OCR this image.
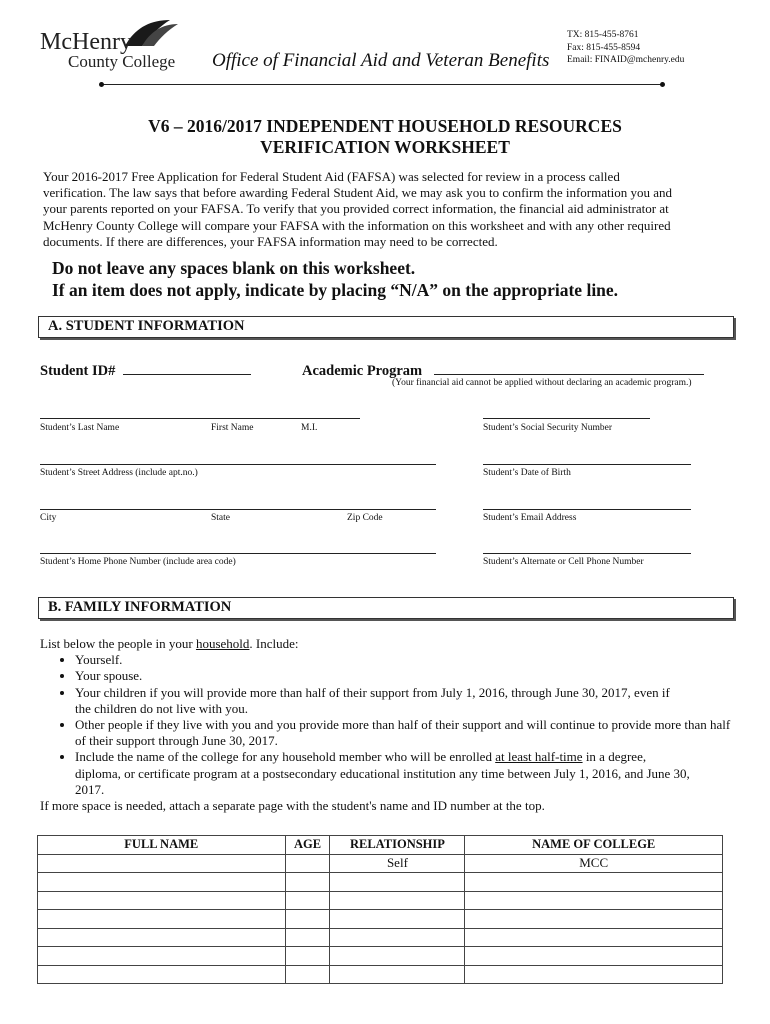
McHenry
County College Office of Financial Aid and Veteran Benefits
TX: 815-455-8761
Fax: 815-455-8594
Email: FINAID@mchenry.edu
V6 – 2016/2017 INDEPENDENT HOUSEHOLD RESOURCES
VERIFICATION WORKSHEET
Your 2016-2017 Free Application for Federal Student Aid (FAFSA) was selected for review in a process called
verification. The law says that before awarding Federal Student Aid, we may ask you to confirm the information you and
your parents reported on your FAFSA. To verify that you provided correct information, the financial aid administrator at
McHenry County College will compare your FAFSA with the information on this worksheet and with any other required
documents. If there are differences, your FAFSA information may need to be corrected.
Do not leave any spaces blank on this worksheet.
If an item does not apply, indicate by placing “N/A” on the appropriate line.
A. STUDENT INFORMATION
Student ID#	Academic Program
(Your financial aid cannot be applied without declaring an academic program.)
Student’s Last Name	First Name	M.I.	Student’s Social Security Number
Student’s Street Address (include apt.no.)	Student’s Date of Birth
City	State	Zip Code	Student’s Email Address
Student’s Home Phone Number (include area code)	Student’s Alternate or Cell Phone Number
B. FAMILY INFORMATION
List below the people in your household. Include:
• Yourself.
• Your spouse.
• Your children if you will provide more than half of their support from July 1, 2016, through June 30, 2017, even if the children do not live with you.
• Other people if they live with you and you provide more than half of their support and will continue to provide more than half of their support through June 30, 2017.
• Include the name of the college for any household member who will be enrolled at least half-time in a degree, diploma, or certificate program at a postsecondary educational institution any time between July 1, 2016, and June 30, 2017.
If more space is needed, attach a separate page with the student's name and ID number at the top.
FULL NAME	AGE	RELATIONSHIP	NAME OF COLLEGE
		Self	MCC
